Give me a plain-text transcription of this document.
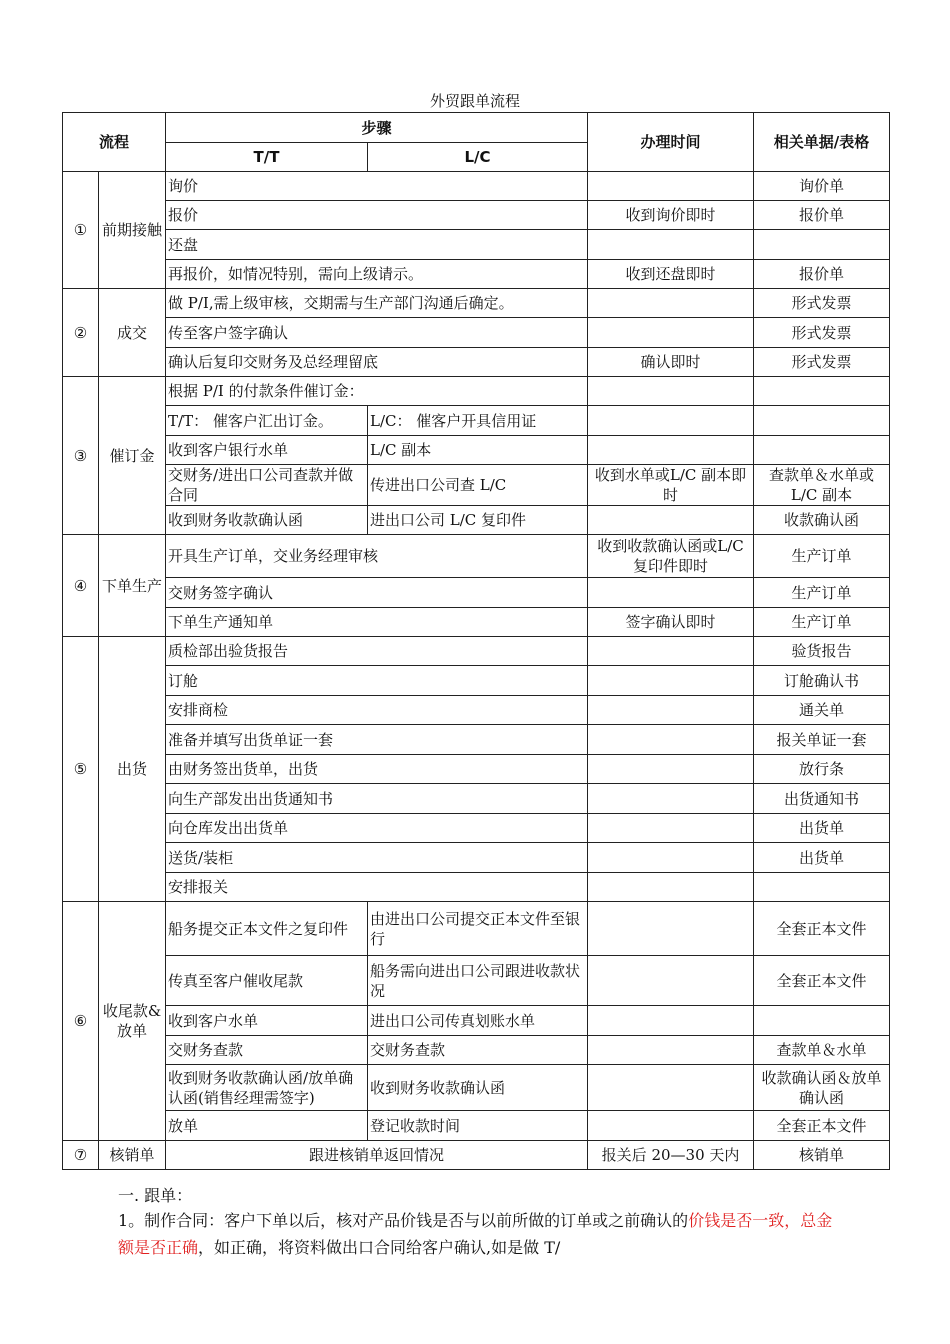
外贸跟单流程
流程		步骤		办理时间	相关单据/表格
		T/T	L/C		
①	前期接触	询价			询价单
		报价		收到询价即时	报价单
		还盘			
		再报价，如情况特别，需向上级请示。		收到还盘即时	报价单
②	成交	做 P/I,需上级审核，交期需与生产部门沟通后确定。			形式发票
		传至客户签字确认			形式发票
		确认后复印交财务及总经理留底		确认即时	形式发票
③	催订金	根据 P/I 的付款条件催订金：			
		T/T： 催客户汇出订金。	L/C： 催客户开具信用证		
		收到客户银行水单	L/C 副本		
		交财务/进出口公司查款并做合同	传进出口公司查 L/C	收到水单或L/C 副本即时	查款单＆水单或 L/C 副本
		收到财务收款确认函	进出口公司 L/C 复印件		收款确认函
④	下单生产	开具生产订单，交业务经理审核		收到收款确认函或L/C 复印件即时	生产订单
		交财务签字确认			生产订单
		下单生产通知单		签字确认即时	生产订单
⑤	出货	质检部出验货报告			验货报告
		订舱			订舱确认书
		安排商检			通关单
		准备并填写出货单证一套			报关单证一套
		由财务签出货单，出货			放行条
		向生产部发出出货通知书			出货通知书
		向仓库发出出货单			出货单
		送货/装柜			出货单
		安排报关			
⑥	收尾款&放单	船务提交正本文件之复印件	由进出口公司提交正本文件至银行		全套正本文件
		传真至客户催收尾款	船务需向进出口公司跟进收款状况		全套正本文件
		收到客户水单	进出口公司传真划账水单		
		交财务查款	交财务查款		查款单＆水单
		收到财务收款确认函/放单确认函(销售经理需签字)	收到财务收款确认函		收款确认函＆放单确认函
		放单	登记收款时间		全套正本文件
⑦	核销单	跟进核销单返回情况		报关后 20—30 天内	核销单
一. 跟单：
1。制作合同：客户下单以后，核对产品价钱是否与以前所做的订单或之前确认的价钱是否一致，总金额是否正确，如正确，将资料做出口合同给客户确认,如是做 T/
